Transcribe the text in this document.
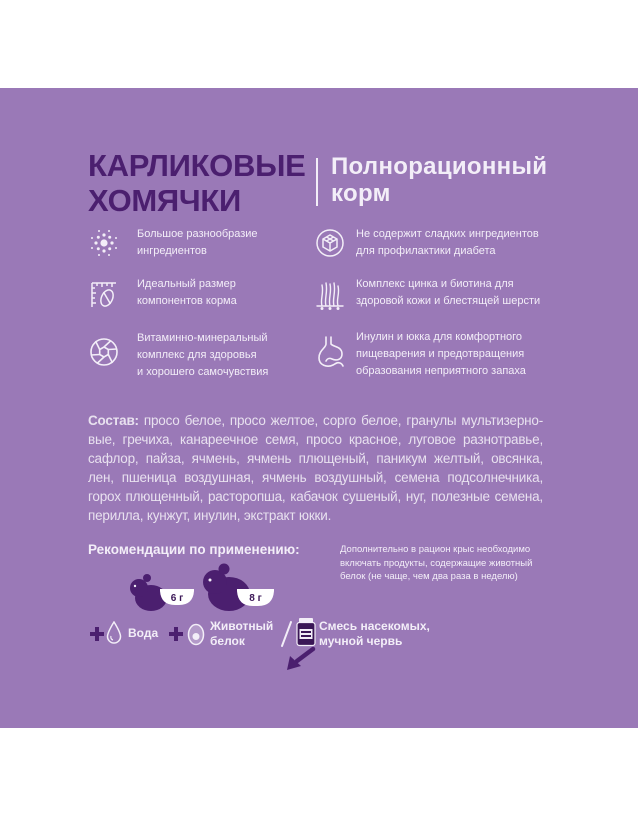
КАРЛИКОВЫЕ
ХОМЯЧКИ
Полнорационный
корм
Большое разнообразие
ингредиентов
Идеальный размер
компонентов корма
Витаминно-минеральный
комплекс для здоровья
и хорошего самочувствия
Не содержит сладких ингредиентов
для профилактики диабета
Комплекс цинка и биотина для
здоровой кожи и блестящей шерсти
Инулин и юкка для комфортного
пищеварения и предотвращения
образования неприятного запаха
Состав: просо белое, просо желтое, сорго белое, гранулы мультизерно-
вые, гречиха, канареечное семя, просо красное, луговое разнотравье,
сафлор, пайза, ячмень, ячмень плющеный, паникум желтый, овсянка,
лен, пшеница воздушная, ячмень воздушный, семена подсолнечника,
горох плющенный, расторопша, кабачок сушеный, нуг, полезные семена,
перилла, кунжут, инулин, экстракт юкки.
Рекомендации по применению:	Дополнительно в рацион крыс необходимо
включать продукты, содержащие животный
белок (не чаще, чем два раза в неделю)
6 г	8 г
Вода	Животный
белок
Смесь насекомых,
мучной червь
